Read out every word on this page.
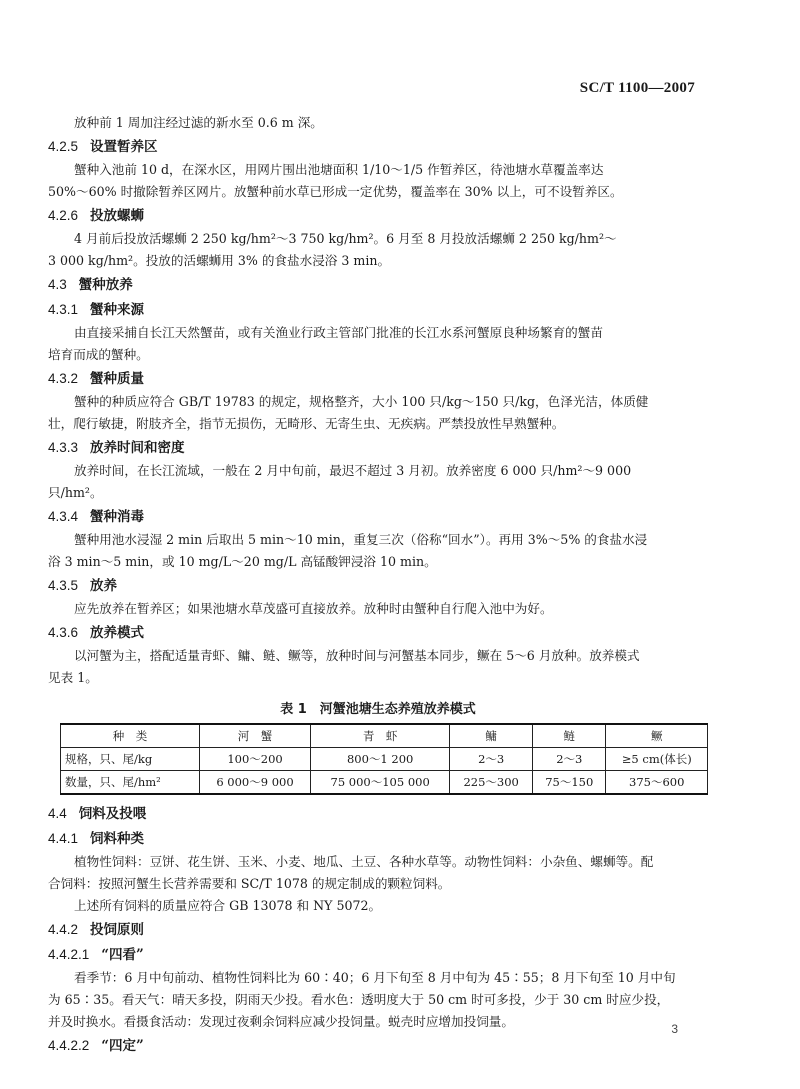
SC/T 1100—2007
放种前 1 周加注经过滤的新水至 0.6 m 深。
4.2.5 设置暂养区
蟹种入池前 10 d，在深水区，用网片围出池塘面积 1/10～1/5 作暂养区，待池塘水草覆盖率达
50%～60% 时撤除暂养区网片。放蟹种前水草已形成一定优势，覆盖率在 30% 以上，可不设暂养区。
4.2.6 投放螺蛳
4 月前后投放活螺蛳 2 250 kg/hm²～3 750 kg/hm²。6 月至 8 月投放活螺蛳 2 250 kg/hm²～
3 000 kg/hm²。投放的活螺蛳用 3% 的食盐水浸浴 3 min。
4.3 蟹种放养
4.3.1 蟹种来源
由直接采捕自长江天然蟹苗，或有关渔业行政主管部门批准的长江水系河蟹原良种场繁育的蟹苗
培育而成的蟹种。
4.3.2 蟹种质量
蟹种的种质应符合 GB/T 19783 的规定，规格整齐，大小 100 只/kg～150 只/kg，色泽光洁，体质健
壮，爬行敏捷，附肢齐全，指节无损伤，无畸形、无寄生虫、无疾病。严禁投放性早熟蟹种。
4.3.3 放养时间和密度
放养时间，在长江流域，一般在 2 月中旬前，最迟不超过 3 月初。放养密度 6 000 只/hm²～9 000
只/hm²。
4.3.4 蟹种消毒
蟹种用池水浸湿 2 min 后取出 5 min～10 min，重复三次（俗称“回水”）。再用 3%～5% 的食盐水浸
浴 3 min～5 min，或 10 mg/L～20 mg/L 高锰酸钾浸浴 10 min。
4.3.5 放养
应先放养在暂养区；如果池塘水草茂盛可直接放养。放种时由蟹种自行爬入池中为好。
4.3.6 放养模式
以河蟹为主，搭配适量青虾、鳙、鲢、鳜等，放种时间与河蟹基本同步，鳜在 5～6 月放种。放养模式
见表 1。
表 1　河蟹池塘生态养殖放养模式
种　类	河　蟹	青　虾	鳙	鲢	鳜
规格，只、尾/kg	100～200	800～1 200	2～3	2～3	≥5 cm(体长)
数量，只、尾/hm²	6 000～9 000	75 000～105 000	225～300	75～150	375～600
4.4 饲料及投喂
4.4.1 饲料种类
植物性饲料：豆饼、花生饼、玉米、小麦、地瓜、土豆、各种水草等。动物性饲料：小杂鱼、螺蛳等。配
合饲料：按照河蟹生长营养需要和 SC/T 1078 的规定制成的颗粒饲料。
上述所有饲料的质量应符合 GB 13078 和 NY 5072。
4.4.2 投饲原则
4.4.2.1 “四看”
看季节：6 月中旬前动、植物性饲料比为 60∶40；6 月下旬至 8 月中旬为 45∶55；8 月下旬至 10 月中旬
为 65∶35。看天气：晴天多投，阴雨天少投。看水色：透明度大于 50 cm 时可多投，少于 30 cm 时应少投，
并及时换水。看摄食活动：发现过夜剩余饲料应减少投饲量。蜕壳时应增加投饲量。
4.4.2.2 “四定”
3
